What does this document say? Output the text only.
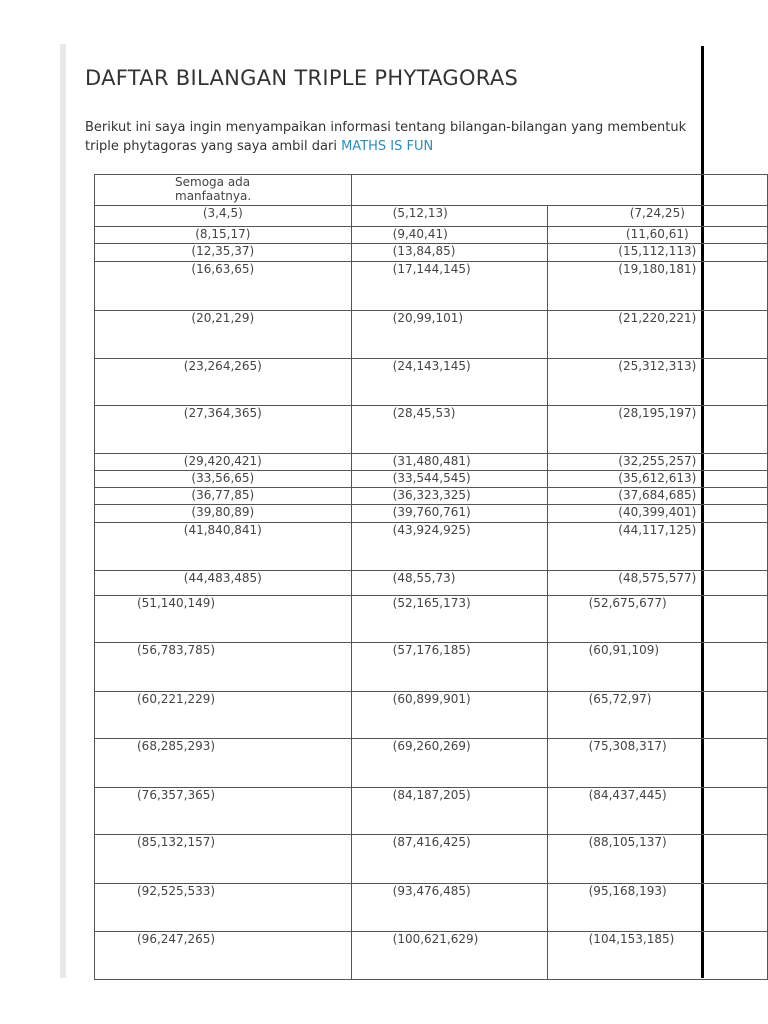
DAFTAR BILANGAN TRIPLE PHYTAGORAS
Berikut ini saya ingin menyampaikan informasi tentang bilangan-bilangan yang membentuk triple phytagoras yang saya ambil dari MATHS IS FUN
Semoga ada
manfaatnya.		
(3,4,5)	(5,12,13)	(7,24,25)
(8,15,17)	(9,40,41)	(11,60,61)
(12,35,37)	(13,84,85)	(15,112,113)
(16,63,65)	(17,144,145)	(19,180,181)
(20,21,29)	(20,99,101)	(21,220,221)
(23,264,265)	(24,143,145)	(25,312,313)
(27,364,365)	(28,45,53)	(28,195,197)
(29,420,421)	(31,480,481)	(32,255,257)
(33,56,65)	(33,544,545)	(35,612,613)
(36,77,85)	(36,323,325)	(37,684,685)
(39,80,89)	(39,760,761)	(40,399,401)
(41,840,841)	(43,924,925)	(44,117,125)
(44,483,485)	(48,55,73)	(48,575,577)
(51,140,149)	(52,165,173)	(52,675,677)
(56,783,785)	(57,176,185)	(60,91,109)
(60,221,229)	(60,899,901)	(65,72,97)
(68,285,293)	(69,260,269)	(75,308,317)
(76,357,365)	(84,187,205)	(84,437,445)
(85,132,157)	(87,416,425)	(88,105,137)
(92,525,533)	(93,476,485)	(95,168,193)
(96,247,265)	(100,621,629)	(104,153,185)
